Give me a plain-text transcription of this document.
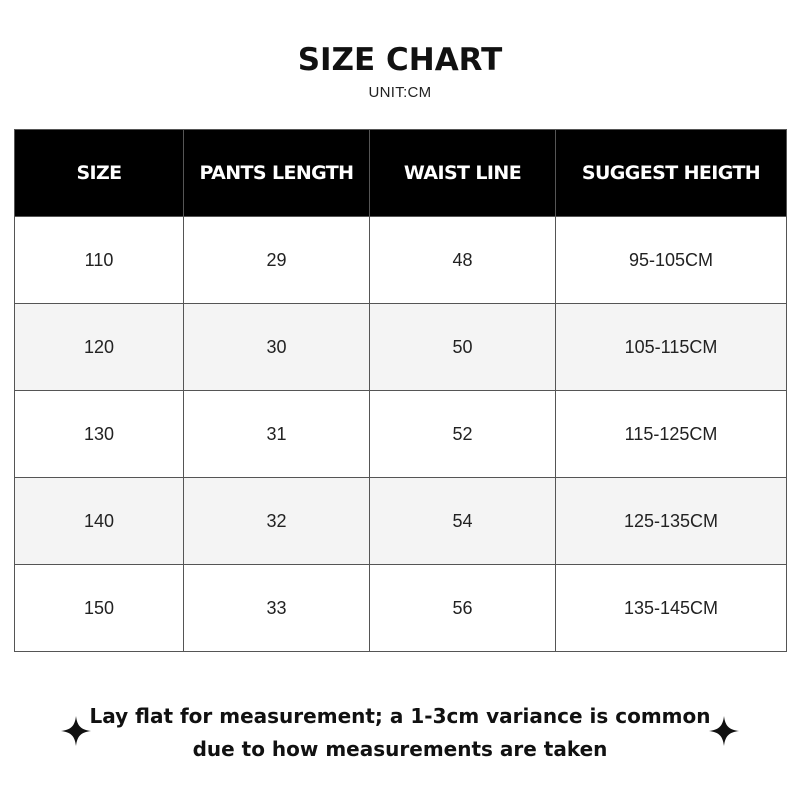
SIZE CHART
UNIT:CM
SIZE	PANTS LENGTH	WAIST LINE	SUGGEST HEIGTH
110	29	48	95-105CM
120	30	50	105-115CM
130	31	52	115-125CM
140	32	54	125-135CM
150	33	56	135-145CM
Lay flat for measurement; a 1-3cm variance is common
due to how measurements are taken
